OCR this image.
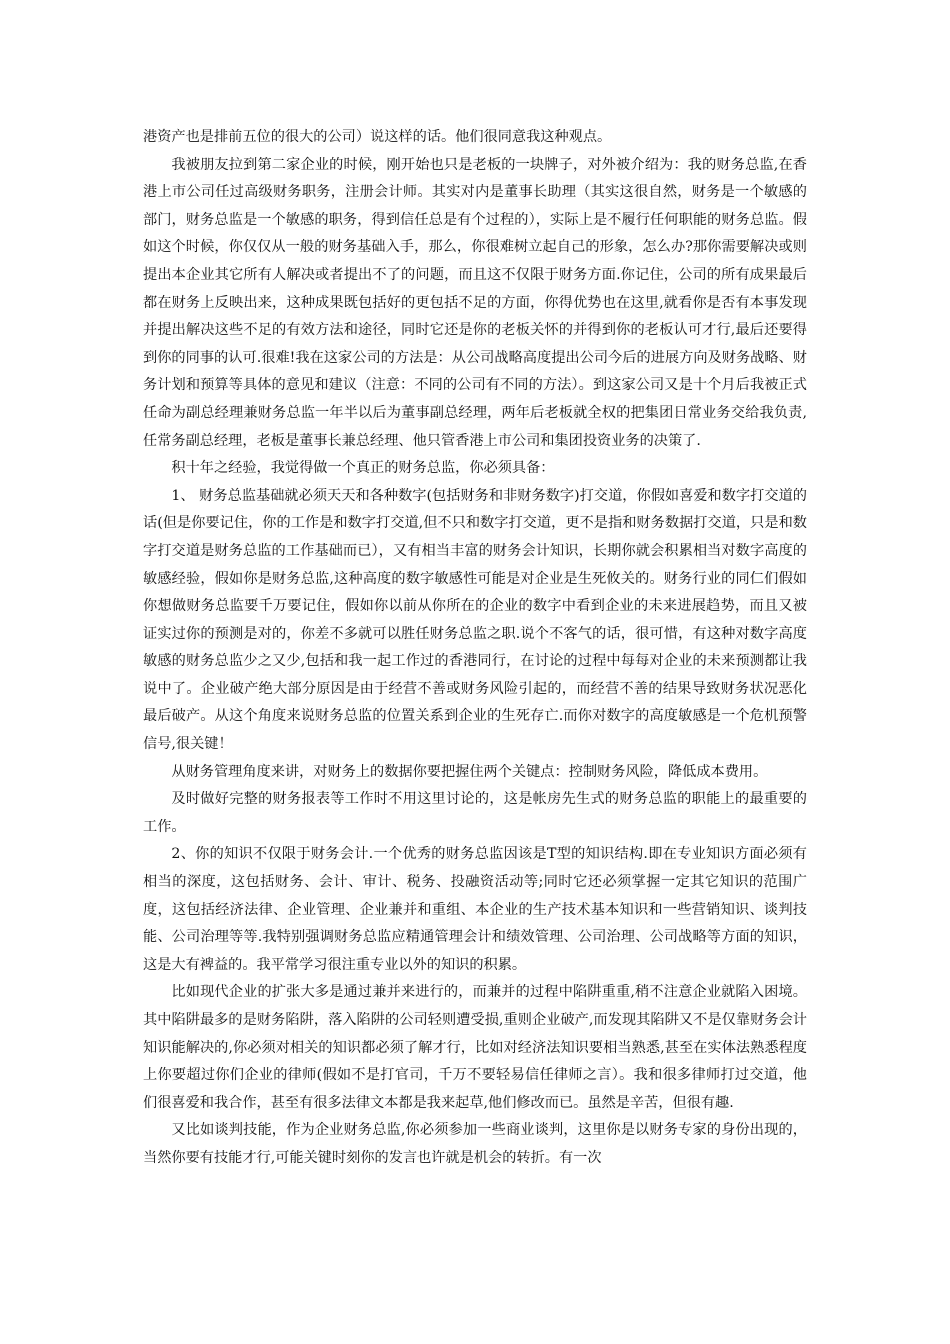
港资产也是排前五位的很大的公司）说这样的话。他们很同意我这种观点。

我被朋友拉到第二家企业的时候，刚开始也只是老板的一块牌子，对外被介绍为：我的财务总监,在香港上市公司任过高级财务职务，注册会计师。其实对内是董事长助理（其实这很自然，财务是一个敏感的部门，财务总监是一个敏感的职务，得到信任总是有个过程的），实际上是不履行任何职能的财务总监。假如这个时候，你仅仅从一般的财务基础入手，那么，你很难树立起自己的形象，怎么办?那你需要解决或则提出本企业其它所有人解决或者提出不了的问题，而且这不仅限于财务方面.你记住，公司的所有成果最后都在财务上反映出来，这种成果既包括好的更包括不足的方面，你得优势也在这里,就看你是否有本事发现并提出解决这些不足的有效方法和途径，同时它还是你的老板关怀的并得到你的老板认可才行,最后还要得到你的同事的认可.很难!我在这家公司的方法是：从公司战略高度提出公司今后的进展方向及财务战略、财务计划和预算等具体的意见和建议（注意：不同的公司有不同的方法）。到这家公司又是十个月后我被正式任命为副总经理兼财务总监一年半以后为董事副总经理，两年后老板就全权的把集团日常业务交给我负责,任常务副总经理，老板是董事长兼总经理、他只管香港上市公司和集团投资业务的决策了.

积十年之经验，我觉得做一个真正的财务总监，你必须具备：

1、 财务总监基础就必须天天和各种数字(包括财务和非财务数字)打交道，你假如喜爱和数字打交道的话(但是你要记住，你的工作是和数字打交道,但不只和数字打交道，更不是指和财务数据打交道，只是和数字打交道是财务总监的工作基础而已），又有相当丰富的财务会计知识，长期你就会积累相当对数字高度的敏感经验，假如你是财务总监,这种高度的数字敏感性可能是对企业是生死攸关的。财务行业的同仁们假如你想做财务总监要千万要记住，假如你以前从你所在的企业的数字中看到企业的未来进展趋势，而且又被证实过你的预测是对的，你差不多就可以胜任财务总监之职.说个不客气的话，很可惜，有这种对数字高度敏感的财务总监少之又少,包括和我一起工作过的香港同行，在讨论的过程中每每对企业的未来预测都让我说中了。企业破产绝大部分原因是由于经营不善或财务风险引起的，而经营不善的结果导致财务状况恶化最后破产。从这个角度来说财务总监的位置关系到企业的生死存亡.而你对数字的高度敏感是一个危机预警信号,很关键！

从财务管理角度来讲，对财务上的数据你要把握住两个关键点：控制财务风险，降低成本费用。

及时做好完整的财务报表等工作时不用这里讨论的，这是帐房先生式的财务总监的职能上的最重要的工作。

2、你的知识不仅限于财务会计.一个优秀的财务总监因该是T型的知识结构.即在专业知识方面必须有相当的深度，这包括财务、会计、审计、税务、投融资活动等;同时它还必须掌握一定其它知识的范围广度，这包括经济法律、企业管理、企业兼并和重组、本企业的生产技术基本知识和一些营销知识、谈判技能、公司治理等等.我特别强调财务总监应精通管理会计和绩效管理、公司治理、公司战略等方面的知识，这是大有裨益的。我平常学习很注重专业以外的知识的积累。

比如现代企业的扩张大多是通过兼并来进行的，而兼并的过程中陷阱重重,稍不注意企业就陷入困境。其中陷阱最多的是财务陷阱，落入陷阱的公司轻则遭受损,重则企业破产,而发现其陷阱又不是仅靠财务会计知识能解决的,你必须对相关的知识都必须了解才行，比如对经济法知识要相当熟悉,甚至在实体法熟悉程度上你要超过你们企业的律师(假如不是打官司，千万不要轻易信任律师之言）。我和很多律师打过交道，他们很喜爱和我合作，甚至有很多法律文本都是我来起草,他们修改而已。虽然是辛苦，但很有趣.

又比如谈判技能，作为企业财务总监,你必须参加一些商业谈判，这里你是以财务专家的身份出现的，当然你要有技能才行,可能关键时刻你的发言也许就是机会的转折。有一次
